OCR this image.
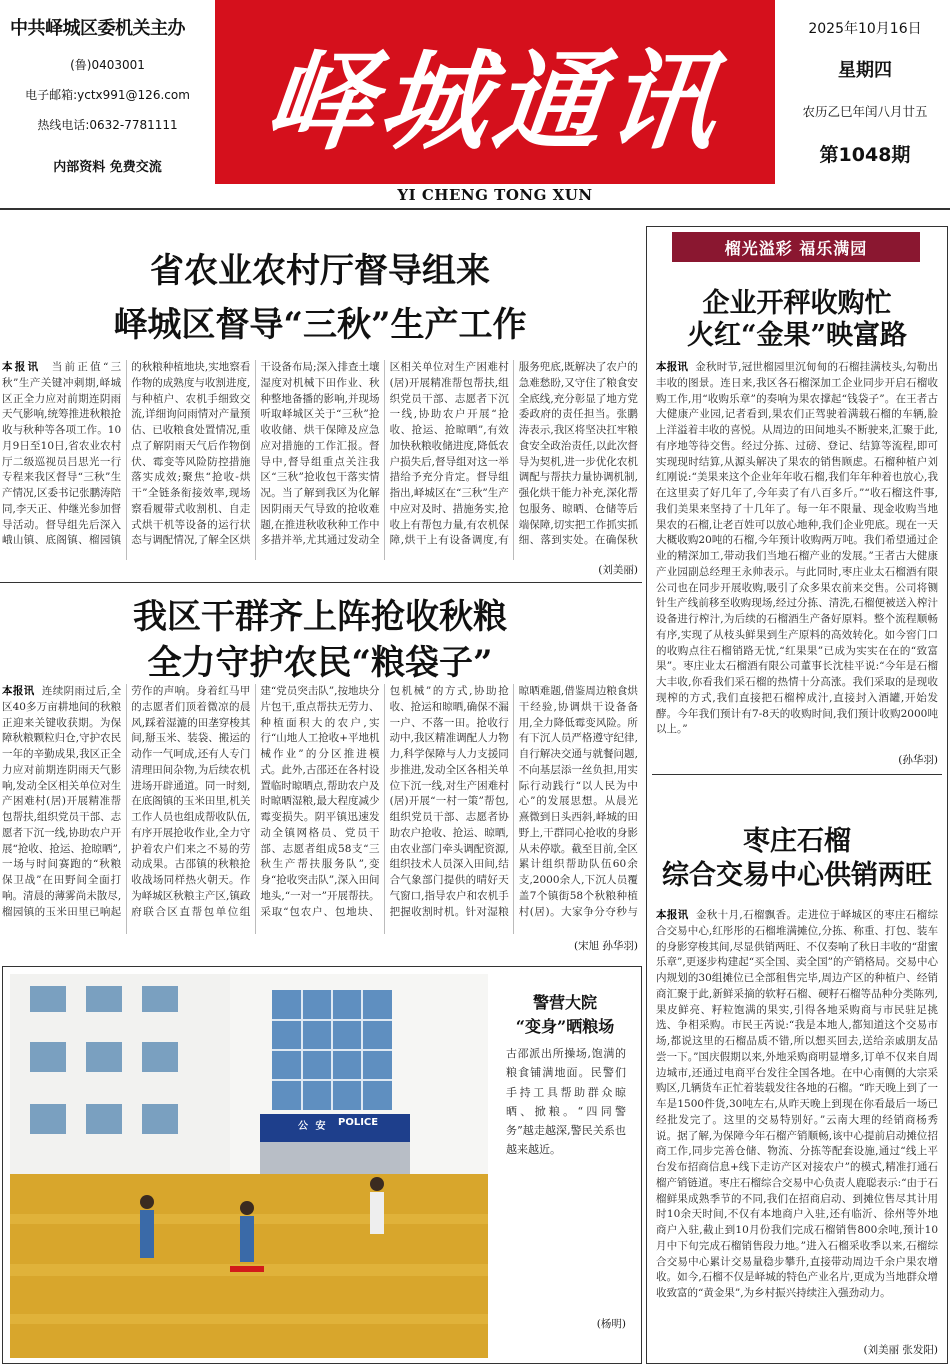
中共峄城区委机关主办
(鲁)0403001
电子邮箱:yctx991@126.com
热线电话:0632-7781111
内部资料 免费交流
峄城通讯
YI CHENG TONG XUN
2025年10月16日
星期四
农历乙巳年闰八月廿五
第1048期
省农业农村厅督导组来
峄城区督导“三秋”生产工作
本报讯 当前正值“三秋”生产关键冲刺期,峄城区正全力应对前期连阴雨天气影响,统筹推进秋粮抢收与秋种等各项工作。10月9日至10日,省农业农村厅二级巡视员吕思光一行专程来我区督导“三秋”生产情况,区委书记张鹏涛陪同,李天正、仲继光参加督导活动。督导组先后深入峨山镇、底阁镇、榴园镇的秋粮种植地块,实地察看作物的成熟度与收割进度,与种植户、农机手细致交流,详细询问雨情对产量预估、已收粮食处置情况,重点了解阴雨天气后作物倒伏、霉变等风险防控措施落实成效;聚焦“抢收-烘干”全链条衔接效率,现场察看履带式收割机、自走式烘干机等设备的运行状态与调配情况,了解全区烘干设备布局;深入排查土壤湿度对机械下田作业、秋种整地备播的影响,并现场听取峄城区关于“三秋”抢收收储、烘干保障及应急应对措施的工作汇报。督导中,督导组重点关注我区“三秋”抢收包干落实情况。当了解到我区为化解因阴雨天气导致的抢收难题,在推进秋收秋种工作中多措并举,尤其通过发动全区相关单位对生产困难村(居)开展精准帮包帮扶,组织党员干部、志愿者下沉一线,协助农户开展“抢收、抢运、抢晾晒”,有效加快秋粮收储进度,降低农户损失后,督导组对这一举措给予充分肯定。督导组指出,峄城区在“三秋”生产中应对及时、措施务实,抢收上有帮包力量,有农机保障,烘干上有设备调度,有服务兜底,既解决了农户的急难愁盼,又守住了粮食安全底线,充分彰显了地方党委政府的责任担当。张鹏涛表示,我区将坚决扛牢粮食安全政治责任,以此次督导为契机,进一步优化农机调配与帮扶力量协调机制,强化烘干能力补充,深化帮包服务、晾晒、仓储等后端保障,切实把工作抓实抓细、落到实处。在确保秋
(刘美丽)
我区干群齐上阵抢收秋粮
全力守护农民“粮袋子”
本报讯 连续阴雨过后,全区40多万亩耕地间的秋粮正迎来关键收获期。为保障秋粮颗粒归仓,守护农民一年的辛勤成果,我区正全力应对前期连阴雨天气影响,发动全区相关单位对生产困难村(居)开展精准帮包帮扶,组织党员干部、志愿者下沉一线,协助农户开展“抢收、抢运、抢晾晒”,一场与时间赛跑的“秋粮保卫战”在田野间全面打响。清晨的薄雾尚未散尽,榴园镇的玉米田里已响起劳作的声响。身着红马甲的志愿者们顶着微凉的晨风,踩着湿漉的田垄穿梭其间,掰玉米、装袋、搬运的动作一气呵成,还有人专门清理田间杂物,为后续农机进场开辟通道。同一时刻,在底阁镇的玉米田里,机关工作人员也组成帮收队伍,有序开展抢收作业,全力守护着农户们来之不易的劳动成果。古邵镇的秋粮抢收战场同样热火朝天。作为峄城区秋粮主产区,镇政府联合区直帮包单位组建“党员突击队”,按地块分片包干,重点帮扶无劳力、种植面积大的农户,实行“山地人工抢收+平地机械作业”的分区推进模式。此外,古邵还在各村设置临时晾晒点,帮助农户及时晾晒湿粮,最大程度减少霉变损失。阴平镇迅速发动全镇网格员、党员干部、志愿者组成58支“三秋生产帮扶服务队”,变身“抢收突击队”,深入田间地头,“一对一”开展帮扶。采取“包农户、包地块、包机械”的方式,协助抢收、抢运和晾晒,确保不漏一户、不落一田。抢收行动中,我区精准调配人力物力,科学保障与人力支援同步推进,发动全区各相关单位下沉一线,对生产困难村(居)开展“一村一策”帮包,组织党员干部、志愿者协助农户抢收、抢运、晾晒,由农业部门牵头调配资源,组织技术人员深入田间,结合气象部门提供的晴好天气窗口,指导农户和农机手把握收割时机。针对湿粮晾晒难题,借鉴周边粮食烘干经验,协调烘干设备备用,全力降低霉变风险。所有下沉人员严格遵守纪律,自行解决交通与就餐问题,不向基层添一丝负担,用实际行动践行“以人民为中心”的发展思想。从晨光熹微到日头西斜,峄城的田野上,干群同心抢收的身影从未停歇。截至目前,全区累计组织帮助队伍60余支,2000余人,下沉人员覆盖7个镇街58个秋粮种植村(居)。大家争分夺秒与
(宋旭 孙华羽)
公 安 POLICE
警营大院
“变身”晒粮场
古邵派出所操场,饱满的粮食铺满地面。民警们手持工具帮助群众晾晒、掀粮。“四同警务”越走越深,警民关系也越来越近。
(杨明)
榴光溢彩 福乐满园
企业开秤收购忙
火红“金果”映富路
本报讯 金秋时节,冠世榴园里沉甸甸的石榴挂满枝头,勾勒出丰收的图景。连日来,我区各石榴深加工企业同步开启石榴收购工作,用“收购乐章”的奏响为果农撑起“钱袋子”。在王者古大健康产业园,记者看到,果农们正驾驶着满载石榴的车辆,脸上洋溢着丰收的喜悦。从周边的田间地头不断驶来,汇聚于此,有序地等待交售。经过分拣、过磅、登记、结算等流程,即可实现现时结算,从源头解决了果农的销售顾虑。石榴种植户刘红刚说:“美果来这个企业年年收石榴,我们年年种着也放心,我在这里卖了好几年了,今年卖了有八百多斤。”“收石榴这件事,我们美果来坚持了十几年了。每一年不限量、现金收购当地果农的石榴,让老百姓可以放心地种,我们企业兜底。现在一天大概收购20吨的石榴,今年预计收购两万吨。我们希望通过企业的精深加工,带动我们当地石榴产业的发展。”王者古大健康产业园副总经理王永帅表示。与此同时,枣庄业太石榴酒有限公司也在同步开展收购,吸引了众多果农前来交售。公司将铡针生产线前移至收购现场,经过分拣、清洗,石榴便被送入榨汁设备进行榨汁,为后续的石榴酒生产备好原料。整个流程顺畅有序,实现了从枝头鲜果到生产原料的高效转化。如今窖门口的收购点往石榴销路无忧,“红果果”已成为实实在在的“致富果”。枣庄业太石榴酒有限公司董事长沈桂平说:“今年是石榴大丰收,你看我们采石榴的热情十分高涨。我们采取的是现收现榨的方式,我们直接把石榴榨成汁,直接封入酒罐,开始发酵。今年我们预计有7-8天的收购时间,我们预计收购2000吨以上。”
(孙华羽)
枣庄石榴
综合交易中心供销两旺
本报讯 金秋十月,石榴飘香。走进位于峄城区的枣庄石榴综合交易中心,红彤彤的石榴堆满摊位,分拣、称重、打包、装车的身影穿梭其间,尽显供销两旺、不仅奏响了秋日丰收的“甜蜜乐章”,更逐步构建起“买全国、卖全国”的产销格局。交易中心内规划的30组摊位已全部租售完毕,周边产区的种植户、经销商汇聚于此,新鲜采摘的软籽石榴、硬籽石榴等品种分类陈列,果皮鲜亮、籽粒饱满的果实,引得各地采购商与市民驻足挑选、争相采购。市民王芮说:“我是本地人,都知道这个交易市场,都说这里的石榴品质不错,所以想买回去,送给亲戚朋友品尝一下。”国庆假期以来,外地采购商明显增多,订单不仅来自周边城市,还通过电商平台发往全国各地。在中心南侧的大宗采购区,几辆货车正忙着装载发往各地的石榴。“昨天晚上到了一车是1500件货,30吨左右,从昨天晚上到现在你看最后一场已经批发完了。这里的交易特别好。”云南大理的经销商杨秀说。据了解,为保障今年石榴产销顺畅,该中心提前启动摊位招商工作,同步完善仓储、物流、分拣等配套设施,通过“线上平台发布招商信息+线下走访产区对接农户”的模式,精准打通石榴产销链道。枣庄石榴综合交易中心负责人鹿聪表示:“由于石榴鲜果成熟季节的不同,我们在招商启动、到摊位售尽其计用时10余天时间,不仅有本地商户入驻,还有临沂、徐州等外地商户入驻,截止到10月份我们完成石榴销售800余吨,预计10月中下旬完成石榴销售段力地。”进入石榴采收季以来,石榴综合交易中心累计交易量稳步攀升,直接带动周边千余户果农增收。如今,石榴不仅是峄城的特色产业名片,更成为当地群众增收致富的“黄金果”,为乡村振兴持续注入强劲动力。
(刘美丽 张发阳)
